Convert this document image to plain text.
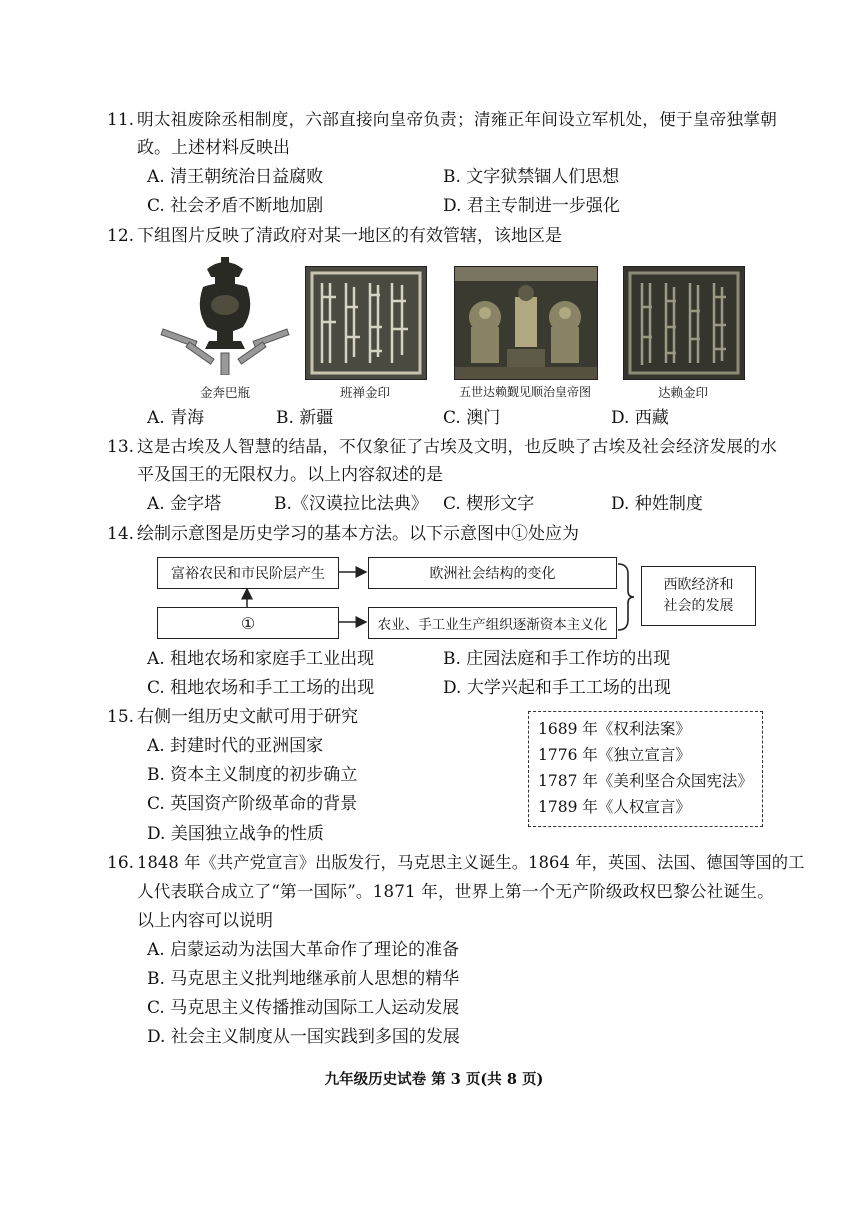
11. 明太祖废除丞相制度，六部直接向皇帝负责；清雍正年间设立军机处，便于皇帝独掌朝
政。上述材料反映出
A. 清王朝统治日益腐败	B. 文字狱禁锢人们思想
C. 社会矛盾不断地加剧	D. 君主专制进一步强化
12. 下组图片反映了清政府对某一地区的有效管辖，该地区是
金奔巴瓶	班禅金印	五世达赖觐见顺治皇帝图	达赖金印
A. 青海	B. 新疆	C. 澳门	D. 西藏
13. 这是古埃及人智慧的结晶，不仅象征了古埃及文明，也反映了古埃及社会经济发展的水
平及国王的无限权力。以上内容叙述的是
A. 金字塔	B.《汉谟拉比法典》 C. 楔形文字	D. 种姓制度
14. 绘制示意图是历史学习的基本方法。以下示意图中①处应为
富裕农民和市民阶层产生	欧洲社会结构的变化
①	农业、手工业生产组织逐渐资本主义化
西欧经济和
社会的发展
A. 租地农场和家庭手工业出现	B. 庄园法庭和手工作坊的出现
C. 租地农场和手工工场的出现	D. 大学兴起和手工工场的出现
15. 右侧一组历史文献可用于研究
A. 封建时代的亚洲国家
B. 资本主义制度的初步确立
C. 英国资产阶级革命的背景
D. 美国独立战争的性质
1689 年《权利法案》
1776 年《独立宣言》
1787 年《美利坚合众国宪法》
1789 年《人权宣言》
16. 1848 年《共产党宣言》出版发行，马克思主义诞生。1864 年，英国、法国、德国等国的工
人代表联合成立了“第一国际”。1871 年，世界上第一个无产阶级政权巴黎公社诞生。
以上内容可以说明
A. 启蒙运动为法国大革命作了理论的准备
B. 马克思主义批判地继承前人思想的精华
C. 马克思主义传播推动国际工人运动发展
D. 社会主义制度从一国实践到多国的发展
九年级历史试卷 第 3 页(共 8 页)
